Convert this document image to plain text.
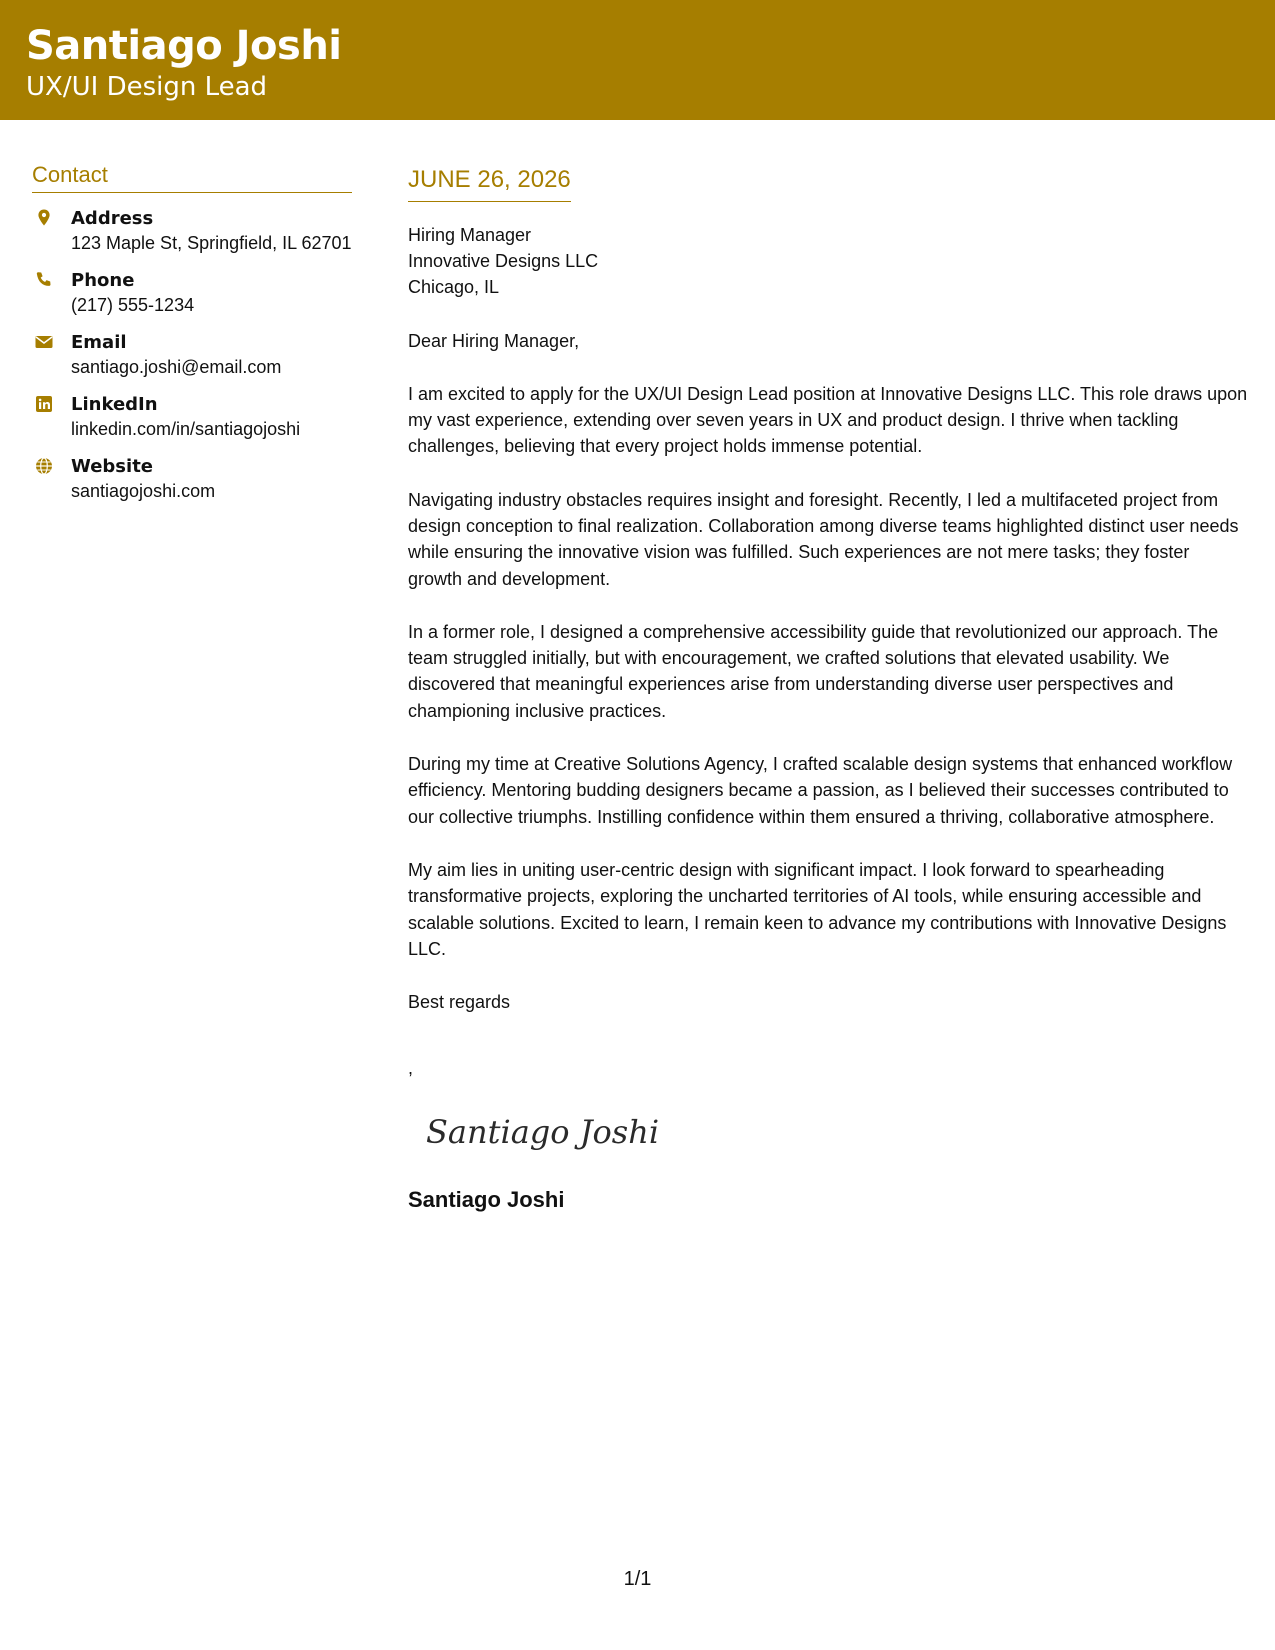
Santiago Joshi
UX/UI Design Lead
Contact
Address
123 Maple St, Springfield, IL 62701
Phone
(217) 555-1234
Email
santiago.joshi@email.com
LinkedIn
linkedin.com/in/santiagojoshi
Website
santiagojoshi.com
JUNE 26, 2026
Hiring Manager
Innovative Designs LLC
Chicago, IL
Dear Hiring Manager,

I am excited to apply for the UX/UI Design Lead position at Innovative Designs LLC. This role draws upon my vast experience, extending over seven years in UX and product design. I thrive when tackling challenges, believing that every project holds immense potential.

Navigating industry obstacles requires insight and foresight. Recently, I led a multifaceted project from design conception to final realization. Collaboration among diverse teams highlighted distinct user needs while ensuring the innovative vision was fulfilled. Such experiences are not mere tasks; they foster growth and development.

In a former role, I designed a comprehensive accessibility guide that revolutionized our approach. The team struggled initially, but with encouragement, we crafted solutions that elevated usability. We discovered that meaningful experiences arise from understanding diverse user perspectives and championing inclusive practices.

During my time at Creative Solutions Agency, I crafted scalable design systems that enhanced workflow efficiency. Mentoring budding designers became a passion, as I believed their successes contributed to our collective triumphs. Instilling confidence within them ensured a thriving, collaborative atmosphere.

My aim lies in uniting user-centric design with significant impact. I look forward to spearheading transformative projects, exploring the uncharted territories of AI tools, while ensuring accessible and scalable solutions. Excited to learn, I remain keen to advance my contributions with Innovative Designs LLC.

Best regards
,
Santiago Joshi
Santiago Joshi
1/1
